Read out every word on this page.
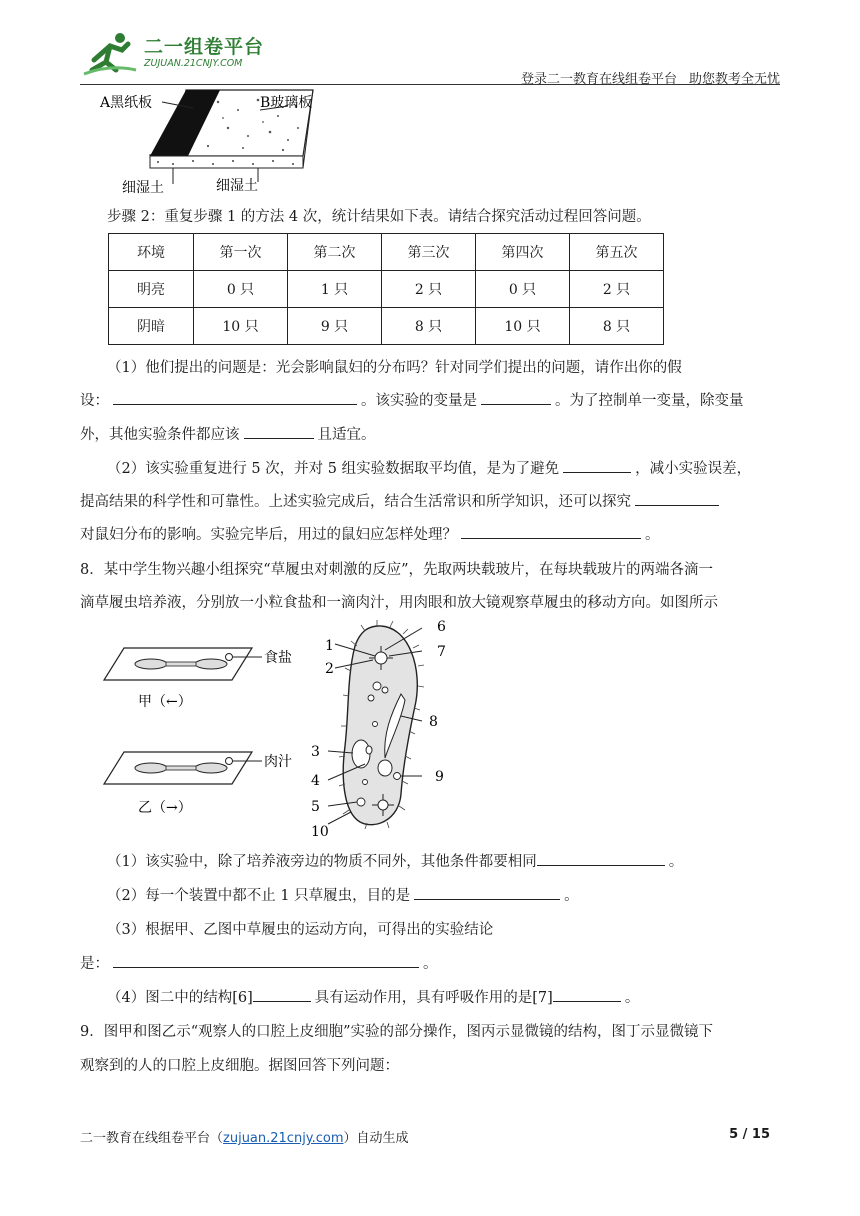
二一组卷平台
ZUJUAN.21CNJY.COM
登录二一教育在线组卷平台 助您教考全无忧
A黑纸板	B玻璃板
细湿土	细湿土
步骤 2：重复步骤 1 的方法 4 次，统计结果如下表。请结合探究活动过程回答问题。
环境	第一次	第二次	第三次	第四次	第五次
明亮	0 只	1 只	2 只	0 只	2 只
阴暗	10 只	9 只	8 只	10 只	8 只
（1）他们提出的问题是：光会影响鼠妇的分布吗？针对同学们提出的问题，请作出你的假
设：	。该实验的变量是	。为了控制单一变量，除变量
外，其他实验条件都应该	且适宜。
（2）该实验重复进行 5 次，并对 5 组实验数据取平均值，是为了避免	，减小实验误差，
提高结果的科学性和可靠性。上述实验完成后，结合生活常识和所学知识，还可以探究
对鼠妇分布的影响。实验完毕后，用过的鼠妇应怎样处理？	。
8．某中学生物兴趣小组探究“草履虫对刺激的反应”，先取两块载玻片，在每块载玻片的两端各滴一
滴草履虫培养液，分别放一小粒食盐和一滴肉汁，用肉眼和放大镜观察草履虫的移动方向。如图所示
食盐
甲（←）
肉汁
乙（→）
1
2
3
4
5
6
7
8
9
10
（1）该实验中，除了培养液旁边的物质不同外，其他条件都要相同	。
（2）每一个装置中都不止 1 只草履虫，目的是	。
（3）根据甲、乙图中草履虫的运动方向，可得出的实验结论
是：	。
（4）图二中的结构[6]	具有运动作用，具有呼吸作用的是[7]	。
9．图甲和图乙示“观察人的口腔上皮细胞”实验的部分操作，图丙示显微镜的结构，图丁示显微镜下
观察到的人的口腔上皮细胞。据图回答下列问题：
二一教育在线组卷平台（zujuan.21cnjy.com）自动生成	5 / 15
